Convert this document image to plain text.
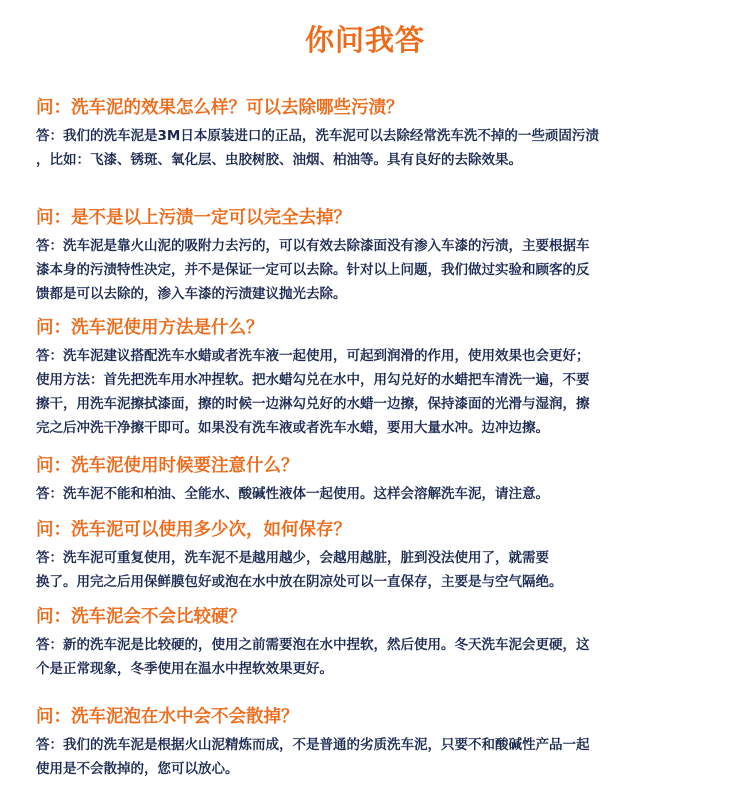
你问我答
问：洗车泥的效果怎么样？可以去除哪些污渍？

答：我们的洗车泥是3M日本原装进口的正品，洗车泥可以去除经常洗车洗不掉的一些顽固污渍

，比如：飞漆、锈斑、氧化层、虫胶树胶、油烟、柏油等。具有良好的去除效果。

问：是不是以上污渍一定可以完全去掉？

答：洗车泥是靠火山泥的吸附力去污的，可以有效去除漆面没有渗入车漆的污渍，主要根据车

漆本身的污渍特性决定，并不是保证一定可以去除。针对以上问题，我们做过实验和顾客的反

馈都是可以去除的，渗入车漆的污渍建议抛光去除。

问：洗车泥使用方法是什么？

答：洗车泥建议搭配洗车水蜡或者洗车液一起使用，可起到润滑的作用，使用效果也会更好；

使用方法：首先把洗车用水冲捏软。把水蜡勾兑在水中，用勾兑好的水蜡把车清洗一遍，不要

擦干，用洗车泥擦拭漆面，擦的时候一边淋勾兑好的水蜡一边擦，保持漆面的光滑与湿润，擦

完之后冲洗干净擦干即可。如果没有洗车液或者洗车水蜡，要用大量水冲。边冲边擦。

问：洗车泥使用时候要注意什么？

答：洗车泥不能和柏油、全能水、酸碱性液体一起使用。这样会溶解洗车泥，请注意。

问：洗车泥可以使用多少次，如何保存？

答：洗车泥可重复使用，洗车泥不是越用越少，会越用越脏，脏到没法使用了，就需要

换了。用完之后用保鲜膜包好或泡在水中放在阴凉处可以一直保存，主要是与空气隔绝。

问：洗车泥会不会比较硬？

答：新的洗车泥是比较硬的，使用之前需要泡在水中捏软，然后使用。冬天洗车泥会更硬，这

个是正常现象，冬季使用在温水中捏软效果更好。

问：洗车泥泡在水中会不会散掉？

答：我们的洗车泥是根据火山泥精炼而成，不是普通的劣质洗车泥，只要不和酸碱性产品一起

使用是不会散掉的，您可以放心。
